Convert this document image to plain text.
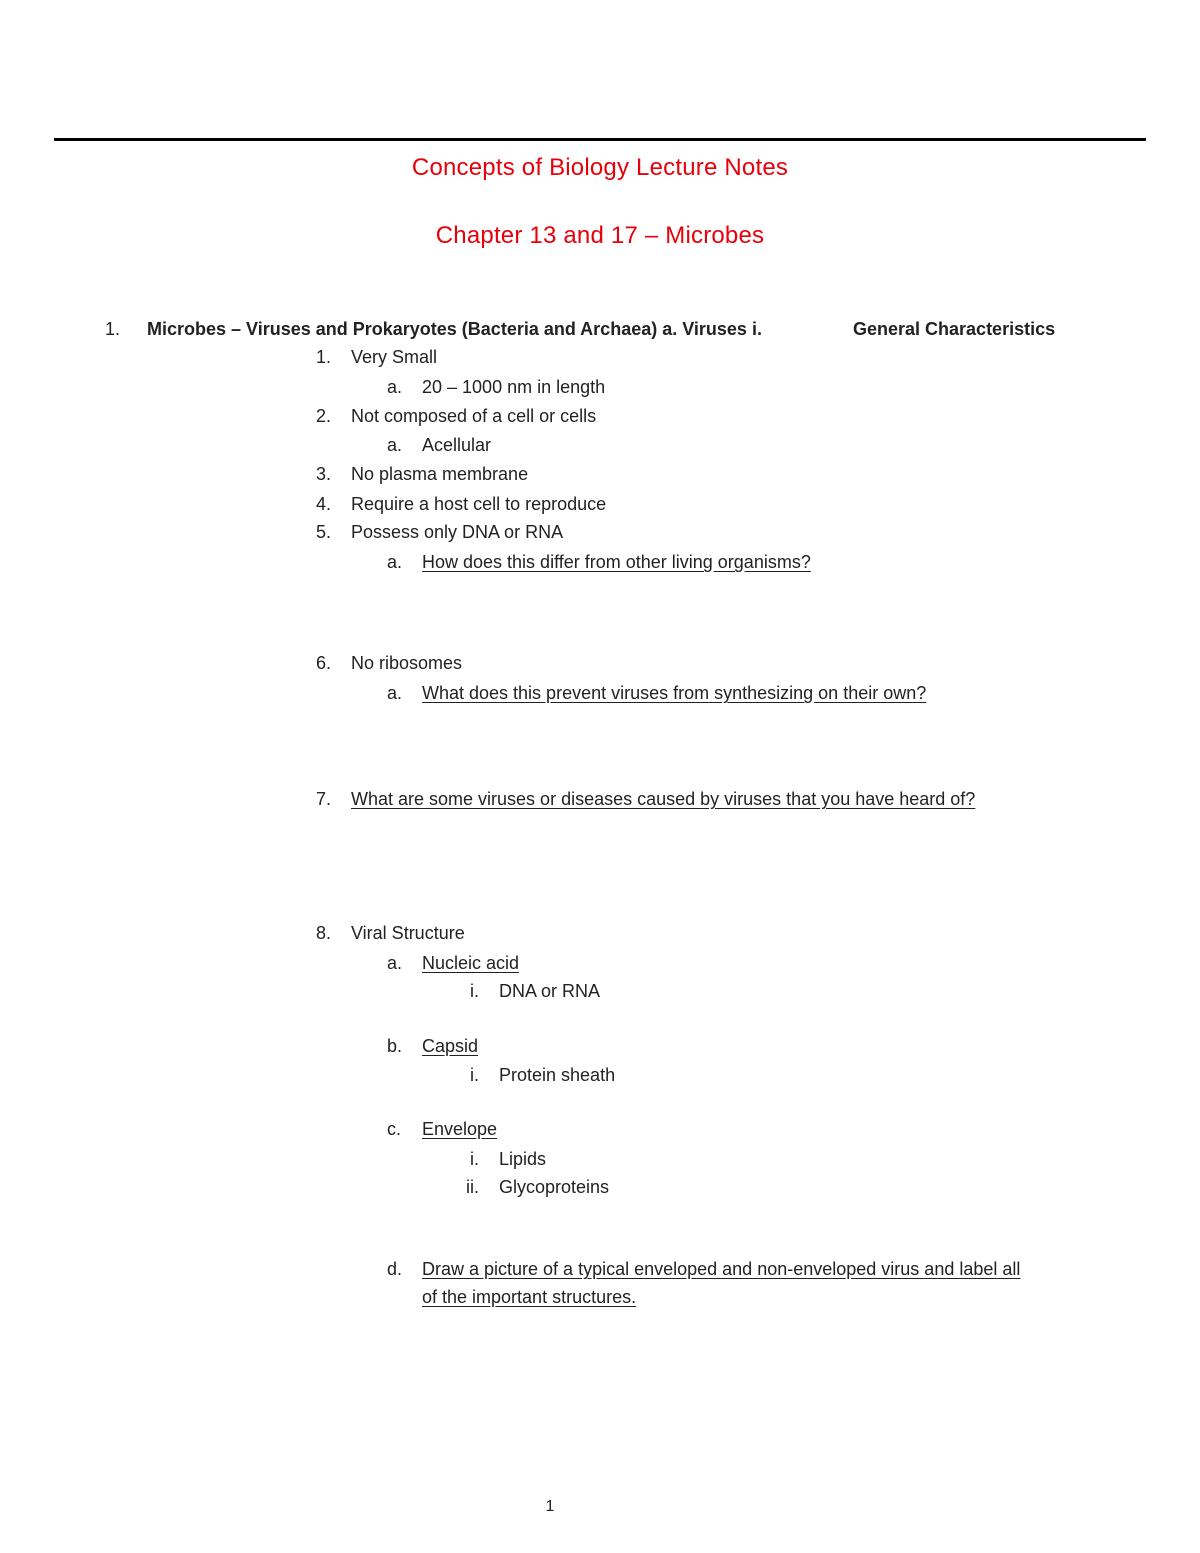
Concepts of Biology Lecture Notes
Chapter 13 and 17 – Microbes
1. Microbes – Viruses and Prokaryotes (Bacteria and Archaea) a. Viruses i.	General Characteristics
1. Very Small
a. 20 – 1000 nm in length
2. Not composed of a cell or cells
a. Acellular
3. No plasma membrane
4. Require a host cell to reproduce
5. Possess only DNA or RNA
a. How does this differ from other living organisms?
6. No ribosomes
a. What does this prevent viruses from synthesizing on their own?
7. What are some viruses or diseases caused by viruses that you have heard of?
8. Viral Structure
a. Nucleic acid
i. DNA or RNA
b. Capsid
i. Protein sheath
c. Envelope
i. Lipids
ii. Glycoproteins
d. Draw a picture of a typical enveloped and non-enveloped virus and label all
of the important structures.
1
